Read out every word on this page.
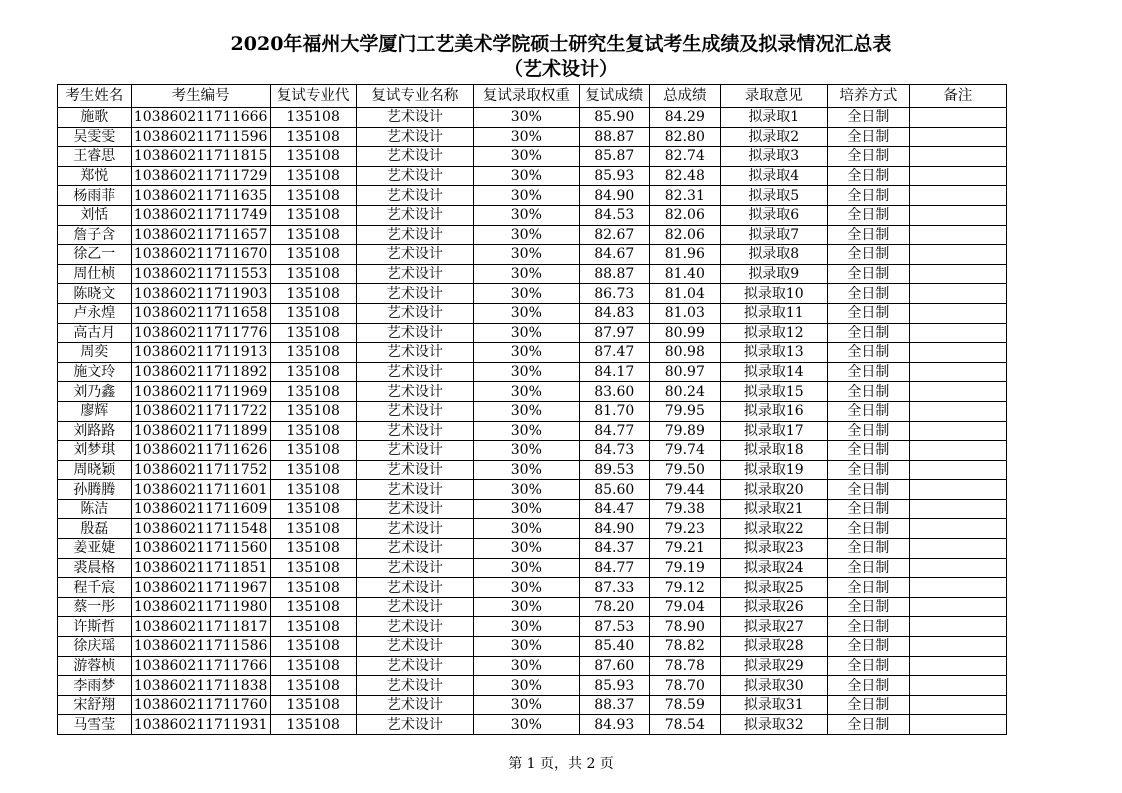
2020年福州大学厦门工艺美术学院硕士研究生复试考生成绩及拟录情况汇总表
（艺术设计）
考生姓名	考生编号	复试专业代	复试专业名称	复试录取权重	复试成绩	总成绩	录取意见	培养方式	备注
施歌	103860211711666	135108	艺术设计	30%	85.90	84.29	拟录取1	全日制	
吴雯雯	103860211711596	135108	艺术设计	30%	88.87	82.80	拟录取2	全日制	
王睿思	103860211711815	135108	艺术设计	30%	85.87	82.74	拟录取3	全日制	
郑悦	103860211711729	135108	艺术设计	30%	85.93	82.48	拟录取4	全日制	
杨雨菲	103860211711635	135108	艺术设计	30%	84.90	82.31	拟录取5	全日制	
刘恬	103860211711749	135108	艺术设计	30%	84.53	82.06	拟录取6	全日制	
詹子含	103860211711657	135108	艺术设计	30%	82.67	82.06	拟录取7	全日制	
徐乙一	103860211711670	135108	艺术设计	30%	84.67	81.96	拟录取8	全日制	
周仕桢	103860211711553	135108	艺术设计	30%	88.87	81.40	拟录取9	全日制	
陈晓文	103860211711903	135108	艺术设计	30%	86.73	81.04	拟录取10	全日制	
卢永煌	103860211711658	135108	艺术设计	30%	84.83	81.03	拟录取11	全日制	
高古月	103860211711776	135108	艺术设计	30%	87.97	80.99	拟录取12	全日制	
周奕	103860211711913	135108	艺术设计	30%	87.47	80.98	拟录取13	全日制	
施文玲	103860211711892	135108	艺术设计	30%	84.17	80.97	拟录取14	全日制	
刘乃鑫	103860211711969	135108	艺术设计	30%	83.60	80.24	拟录取15	全日制	
廖辉	103860211711722	135108	艺术设计	30%	81.70	79.95	拟录取16	全日制	
刘路路	103860211711899	135108	艺术设计	30%	84.77	79.89	拟录取17	全日制	
刘梦琪	103860211711626	135108	艺术设计	30%	84.73	79.74	拟录取18	全日制	
周晓颖	103860211711752	135108	艺术设计	30%	89.53	79.50	拟录取19	全日制	
孙腾腾	103860211711601	135108	艺术设计	30%	85.60	79.44	拟录取20	全日制	
陈洁	103860211711609	135108	艺术设计	30%	84.47	79.38	拟录取21	全日制	
殷磊	103860211711548	135108	艺术设计	30%	84.90	79.23	拟录取22	全日制	
姜亚婕	103860211711560	135108	艺术设计	30%	84.37	79.21	拟录取23	全日制	
裘晨格	103860211711851	135108	艺术设计	30%	84.77	79.19	拟录取24	全日制	
程千宸	103860211711967	135108	艺术设计	30%	87.33	79.12	拟录取25	全日制	
蔡一彤	103860211711980	135108	艺术设计	30%	78.20	79.04	拟录取26	全日制	
许斯哲	103860211711817	135108	艺术设计	30%	87.53	78.90	拟录取27	全日制	
徐庆瑶	103860211711586	135108	艺术设计	30%	85.40	78.82	拟录取28	全日制	
游蓉桢	103860211711766	135108	艺术设计	30%	87.60	78.78	拟录取29	全日制	
李雨梦	103860211711838	135108	艺术设计	30%	85.93	78.70	拟录取30	全日制	
宋舒翔	103860211711760	135108	艺术设计	30%	88.37	78.59	拟录取31	全日制	
马雪莹	103860211711931	135108	艺术设计	30%	84.93	78.54	拟录取32	全日制	
第 1 页，共 2 页
